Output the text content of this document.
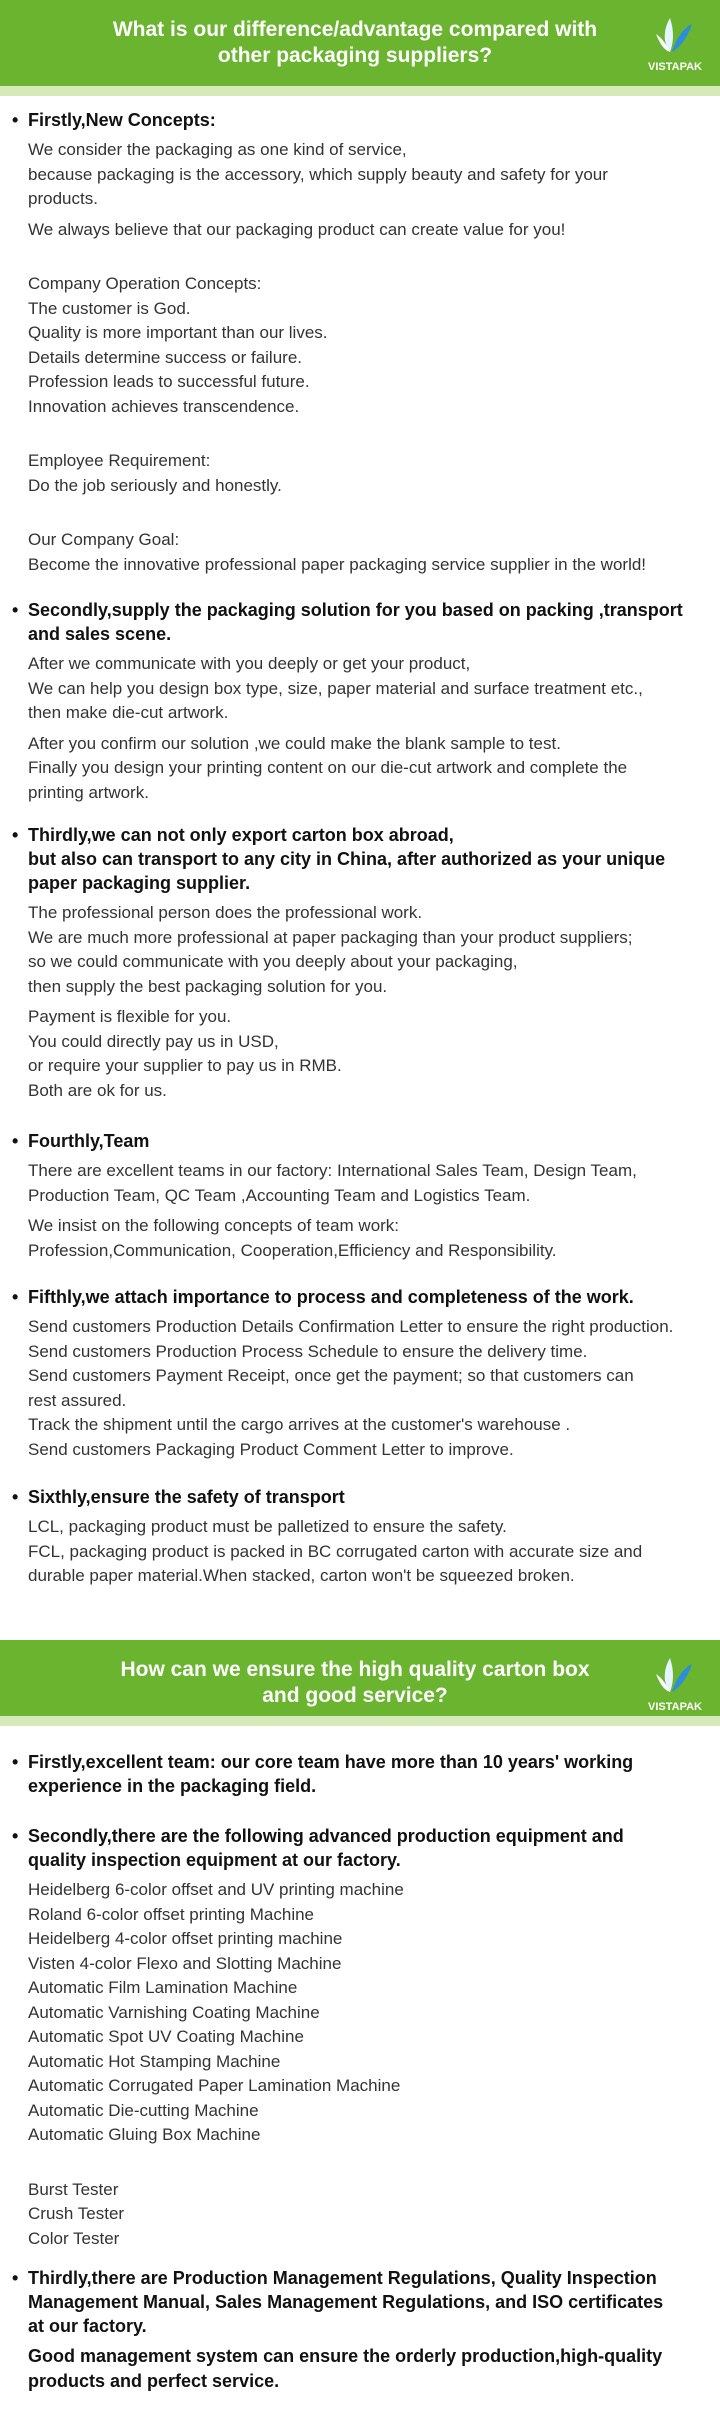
What is our difference/advantage compared with
other packaging suppliers?	VISTAPAK
• Firstly,New Concepts:
We consider the packaging as one kind of service,
because packaging is the accessory, which supply beauty and safety for your
products.
We always believe that our packaging product can create value for you!
Company Operation Concepts:
The customer is God.
Quality is more important than our lives.
Details determine success or failure.
Profession leads to successful future.
Innovation achieves transcendence.
Employee Requirement:
Do the job seriously and honestly.
Our Company Goal:
Become the innovative professional paper packaging service supplier in the world!
• Secondly,supply the packaging solution for you based on packing ,transport
and sales scene.
After we communicate with you deeply or get your product,
We can help you design box type, size, paper material and surface treatment etc.,
then make die-cut artwork.
After you confirm our solution ,we could make the blank sample to test.
Finally you design your printing content on our die-cut artwork and complete the
printing artwork.
• Thirdly,we can not only export carton box abroad,
but also can transport to any city in China, after authorized as your unique
paper packaging supplier.
The professional person does the professional work.
We are much more professional at paper packaging than your product suppliers;
so we could communicate with you deeply about your packaging,
then supply the best packaging solution for you.
Payment is flexible for you.
You could directly pay us in USD,
or require your supplier to pay us in RMB.
Both are ok for us.
• Fourthly,Team
There are excellent teams in our factory: International Sales Team, Design Team,
Production Team, QC Team ,Accounting Team and Logistics Team.
We insist on the following concepts of team work:
Profession,Communication, Cooperation,Efficiency and Responsibility.
• Fifthly,we attach importance to process and completeness of the work.
Send customers Production Details Confirmation Letter to ensure the right production.
Send customers Production Process Schedule to ensure the delivery time.
Send customers Payment Receipt, once get the payment; so that customers can
rest assured.
Track the shipment until the cargo arrives at the customer's warehouse .
Send customers Packaging Product Comment Letter to improve.
• Sixthly,ensure the safety of transport
LCL, packaging product must be palletized to ensure the safety.
FCL, packaging product is packed in BC corrugated carton with accurate size and
durable paper material.When stacked, carton won't be squeezed broken.
How can we ensure the high quality carton box
and good service?	VISTAPAK
• Firstly,excellent team: our core team have more than 10 years' working
experience in the packaging field.
• Secondly,there are the following advanced production equipment and
quality inspection equipment at our factory.
Heidelberg 6-color offset and UV printing machine
Roland 6-color offset printing Machine
Heidelberg 4-color offset printing machine
Visten 4-color Flexo and Slotting Machine
Automatic Film Lamination Machine
Automatic Varnishing Coating Machine
Automatic Spot UV Coating Machine
Automatic Hot Stamping Machine
Automatic Corrugated Paper Lamination Machine
Automatic Die-cutting Machine
Automatic Gluing Box Machine
Burst Tester
Crush Tester
Color Tester
• Thirdly,there are Production Management Regulations, Quality Inspection
Management Manual, Sales Management Regulations, and ISO certificates
at our factory.
Good management system can ensure the orderly production,high-quality
products and perfect service.
